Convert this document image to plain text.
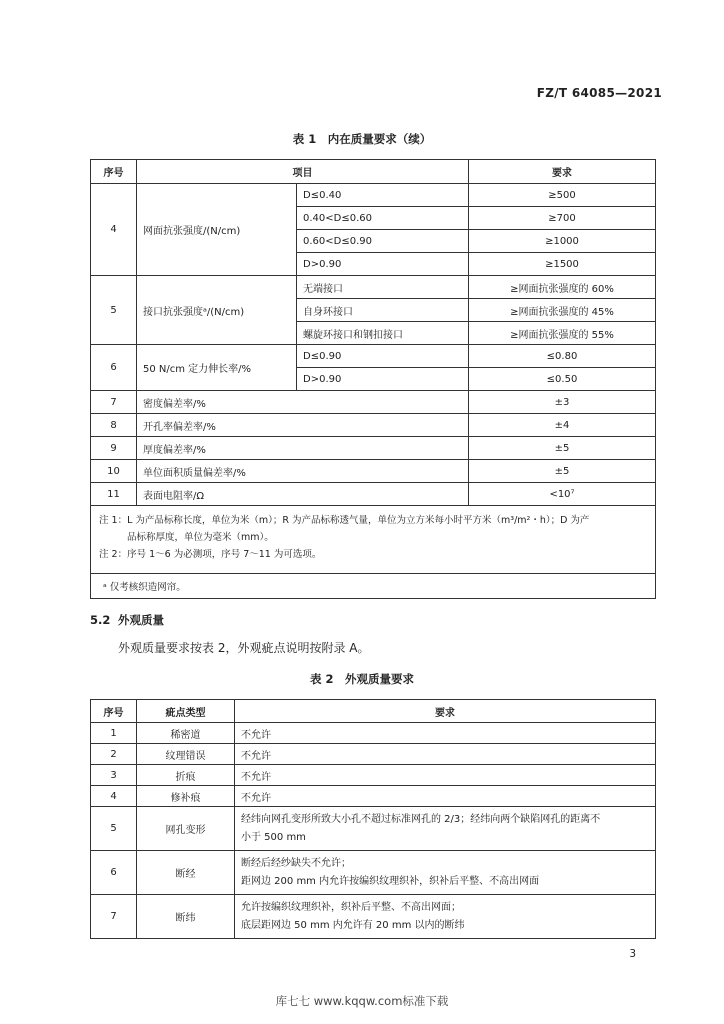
FZ/T 64085—2021
表 1　内在质量要求（续）
序号	项目		要求
4	网面抗张强度/(N/cm)	D≤0.40	≥500
		0.40<D≤0.60	≥700
		0.60<D≤0.90	≥1000
		D>0.90	≥1500
5	接口抗张强度ᵃ/(N/cm)	无端接口	≥网面抗张强度的 60%
		自身环接口	≥网面抗张强度的 45%
		螺旋环接口和钢扣接口	≥网面抗张强度的 55%
6	50 N/cm 定力伸长率/%	D≤0.90	≤0.80
		D>0.90	≤0.50
7	密度偏差率/%		±3
8	开孔率偏差率/%		±4
9	厚度偏差率/%		±5
10	单位面积质量偏差率/%		±5
11	表面电阻率/Ω		<10⁷

注 1：L 为产品标称长度，单位为米（m）；R 为产品标称透气量，单位为立方米每小时平方米（m³/m²・h）；D 为产
品标称厚度，单位为毫米（mm）。
注 2：序号 1～6 为必测项，序号 7～11 为可选项。			

ᵃ 仅考核织造网帘。			
5.2 外观质量
外观质量要求按表 2，外观疵点说明按附录 A。
表 2　外观质量要求
序号	疵点类型	要求
1	稀密道	不允许
2	纹理错误	不允许
3	折痕	不允许
4	修补痕	不允许
5	网孔变形	经纬向网孔变形所致大小孔不超过标准网孔的 2/3；经纬向两个缺陷网孔的距离不
小于 500 mm

6	断经	断经后经纱缺失不允许；
距网边 200 mm 内允许按编织纹理织补，织补后平整、不高出网面

7	断纬	允许按编织纹理织补，织补后平整、不高出网面；
底层距网边 50 mm 内允许有 20 mm 以内的断纬
3
库七七 www.kqqw.com标准下载
